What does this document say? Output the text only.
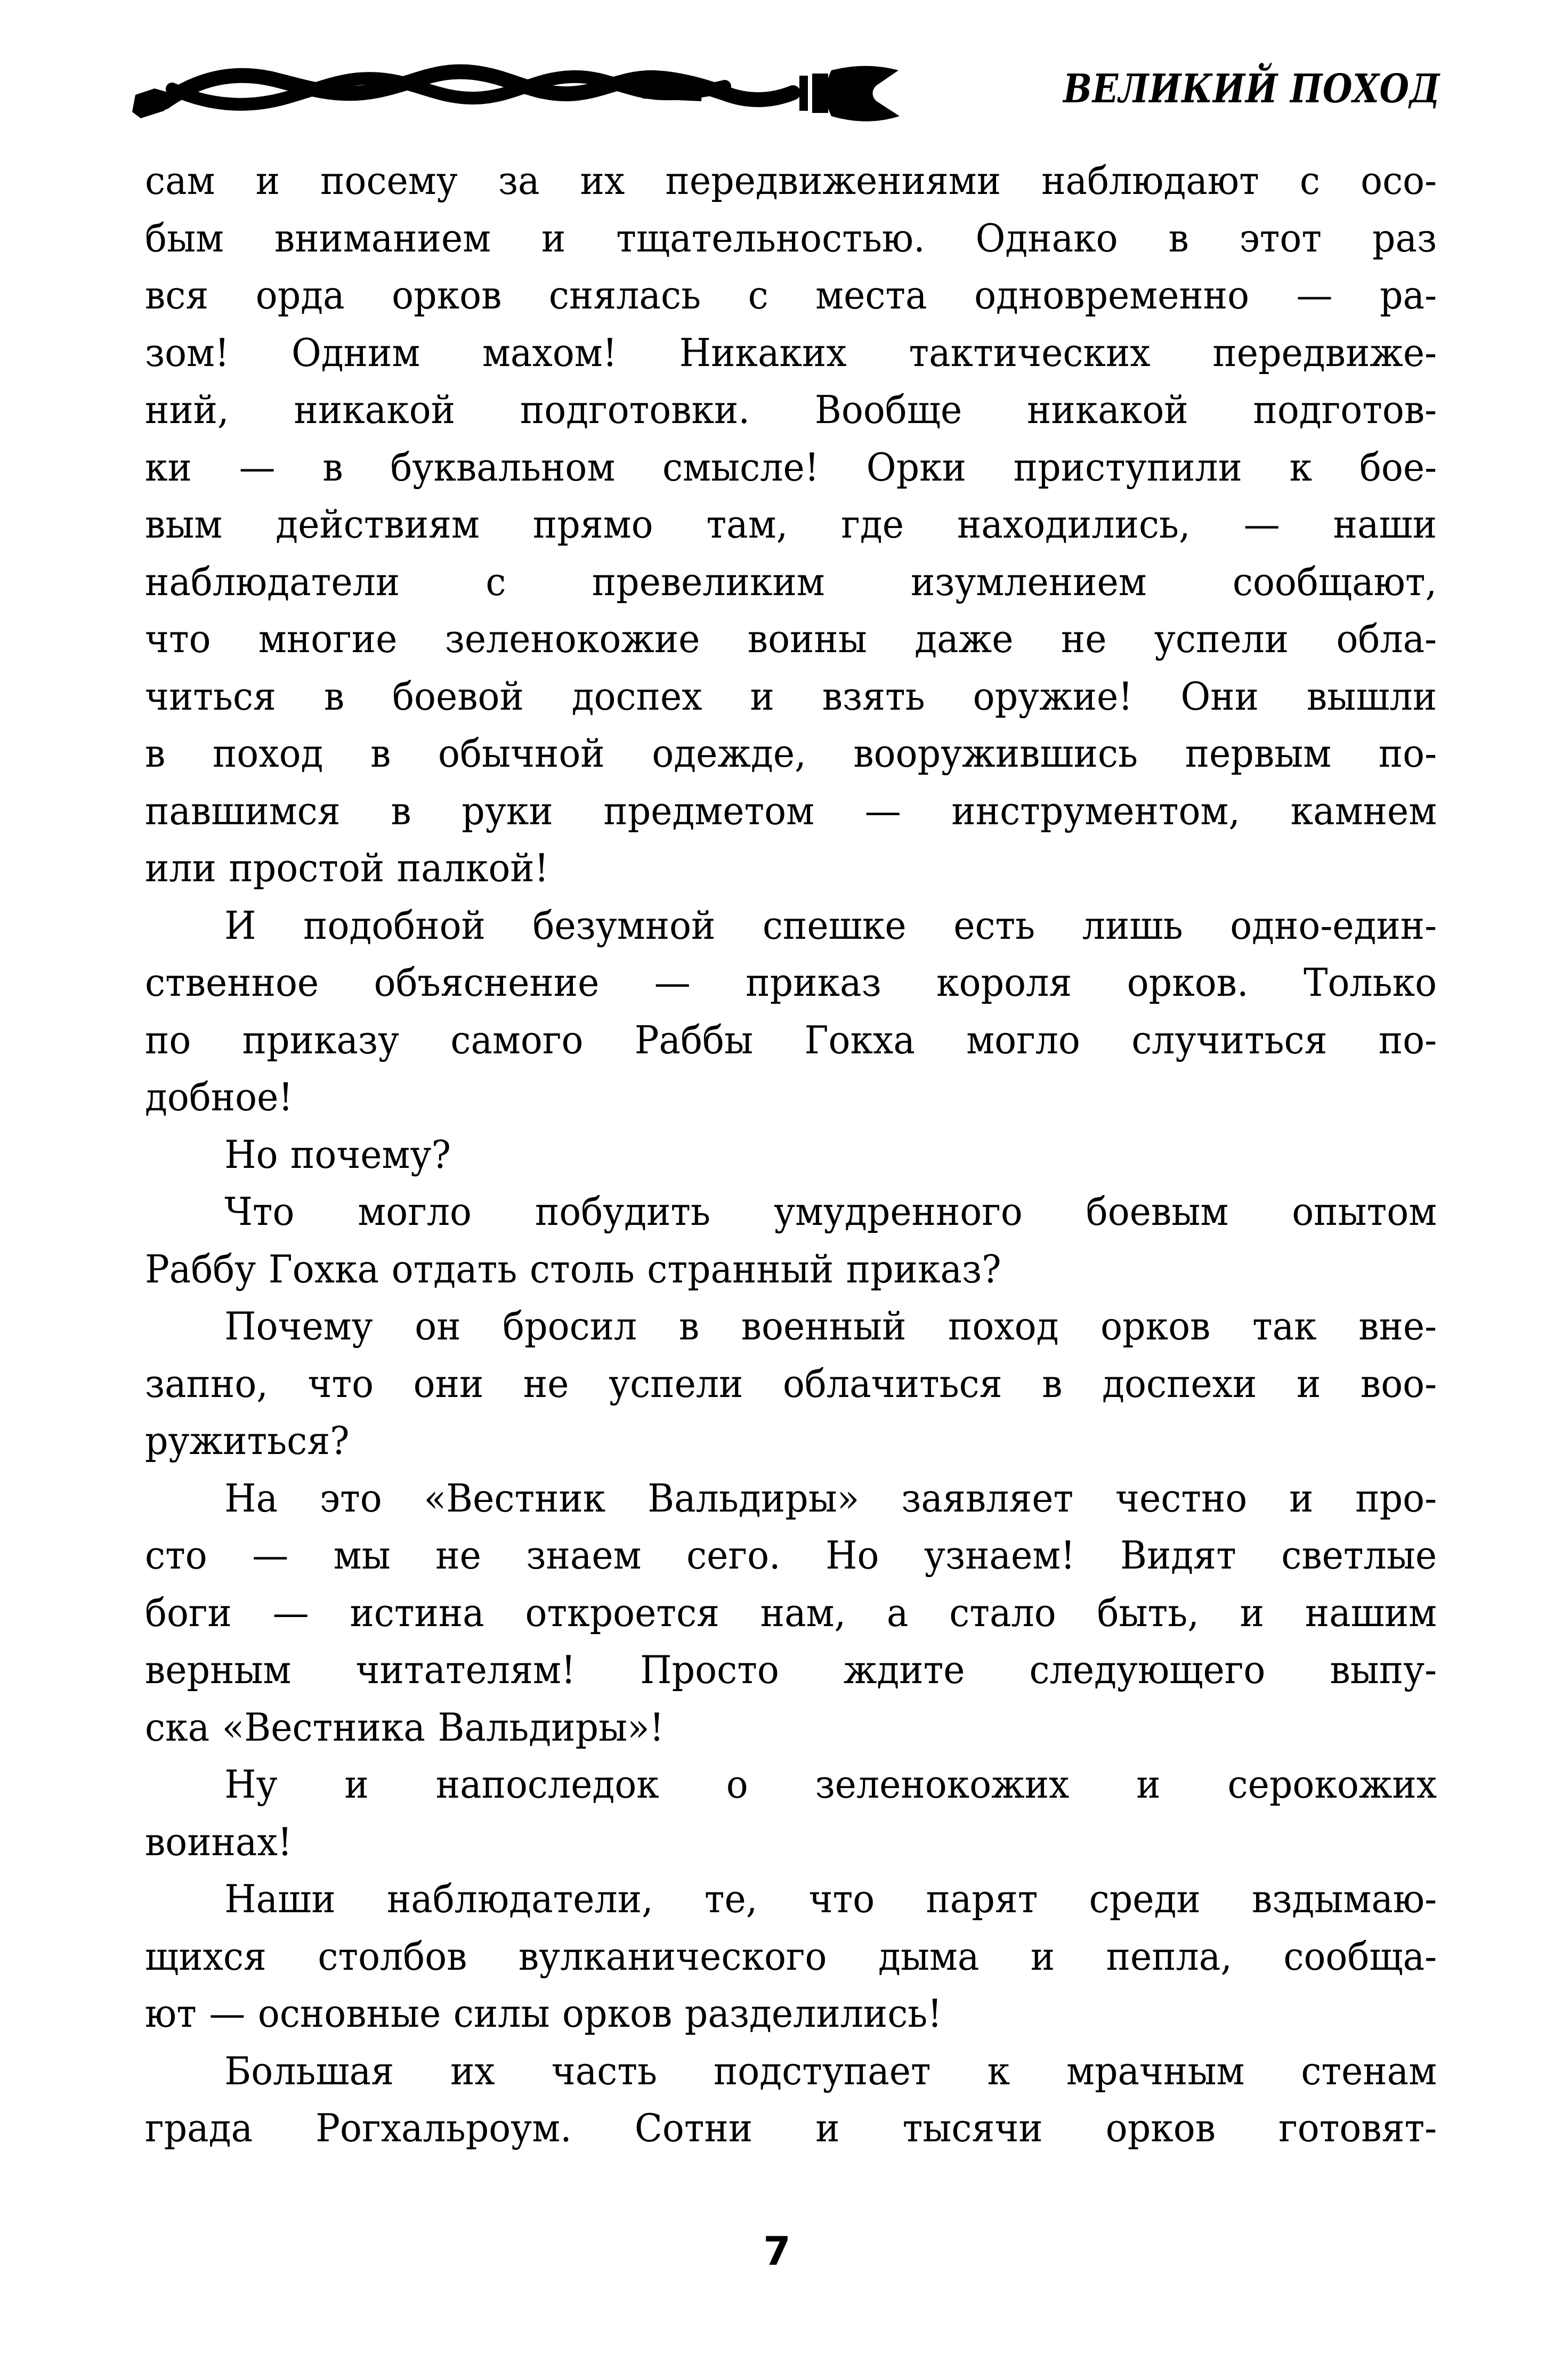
ВЕЛИКИЙ ПОХОД
сам и посему за их передвижениями наблюдают с осо-
бым вниманием и тщательностью. Однако в этот раз
вся орда орков снялась с места одновременно — ра-
зом! Одним махом! Никаких тактических передвиже-
ний, никакой подготовки. Вообще никакой подготов-
ки — в буквальном смысле! Орки приступили к бое-
вым действиям прямо там, где находились, — наши
наблюдатели с превеликим изумлением сообщают,
что многие зеленокожие воины даже не успели обла-
читься в боевой доспех и взять оружие! Они вышли
в поход в обычной одежде, вооружившись первым по-
павшимся в руки предметом — инструментом, камнем
или простой палкой!
И подобной безумной спешке есть лишь одно-един-
ственное объяснение — приказ короля орков. Только
по приказу самого Раббы Гокха могло случиться по-
добное!
Но почему?
Что могло побудить умудренного боевым опытом
Раббу Гохка отдать столь странный приказ?
Почему он бросил в военный поход орков так вне-
запно, что они не успели облачиться в доспехи и воо-
ружиться?
На это «Вестник Вальдиры» заявляет честно и про-
сто — мы не знаем сего. Но узнаем! Видят светлые
боги — истина откроется нам, а стало быть, и нашим
верным читателям! Просто ждите следующего выпу-
ска «Вестника Вальдиры»!
Ну и напоследок о зеленокожих и серокожих
воинах!
Наши наблюдатели, те, что парят среди вздымаю-
щихся столбов вулканического дыма и пепла, сообща-
ют — основные силы орков разделились!
Большая их часть подступает к мрачным стенам
града Рогхальроум. Сотни и тысячи орков готовят-
7
